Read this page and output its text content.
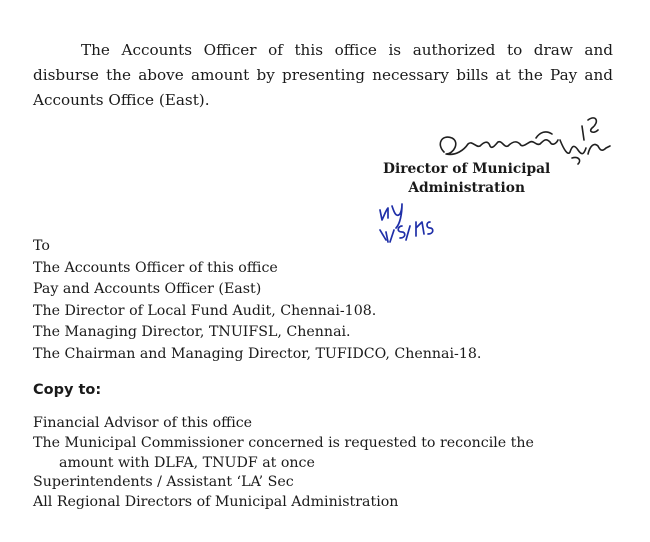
The Accounts Officer of this office is authorized to draw and disburse the above amount by presenting necessary bills at the Pay and Accounts Office (East).

Director of Municipal
Administration
To
The Accounts Officer of this office
Pay and Accounts Officer (East)
The Director of Local Fund Audit, Chennai-108.
The Managing Director, TNUIFSL, Chennai.
The Chairman and Managing Director, TUFIDCO, Chennai-18.
Copy to:
Financial Advisor of this office
The Municipal Commissioner concerned is requested to reconcile the
amount with DLFA, TNUDF at once
Superintendents / Assistant ‘LA’ Sec
All Regional Directors of Municipal Administration
